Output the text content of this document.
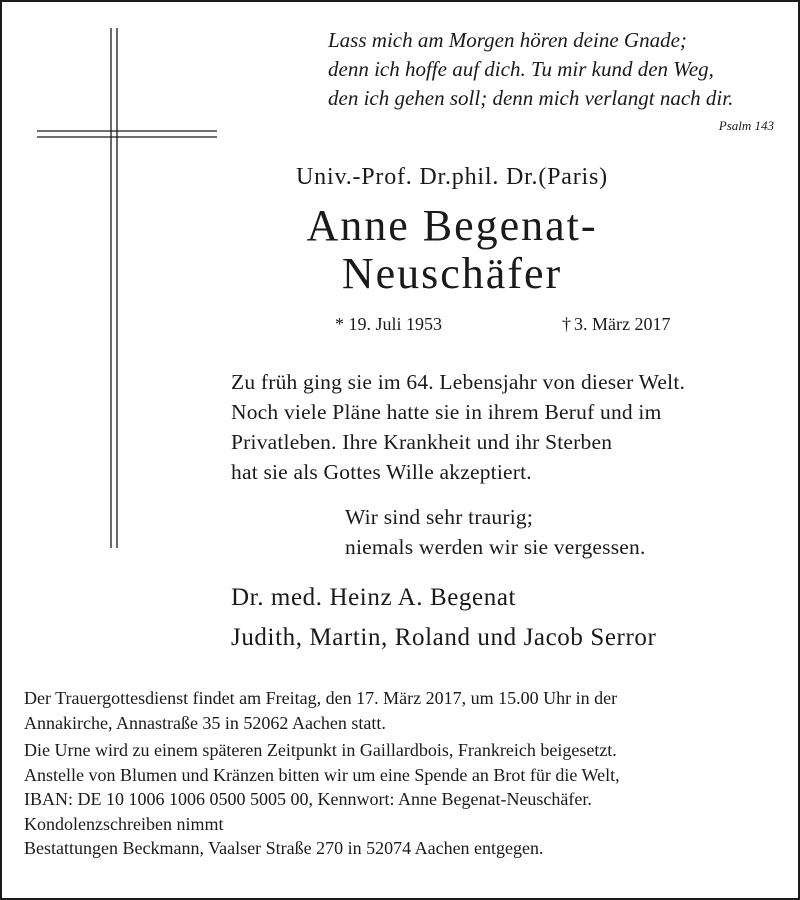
Lass mich am Morgen hören deine Gnade;
denn ich hoffe auf dich. Tu mir kund den Weg,
den ich gehen soll; denn mich verlangt nach dir.
Psalm 143
Univ.-Prof. Dr.phil. Dr.(Paris)
Anne Begenat-
Neuschäfer
* 19. Juli 1953	† 3. März 2017
Zu früh ging sie im 64. Lebensjahr von dieser Welt.
Noch viele Pläne hatte sie in ihrem Beruf und im
Privatleben. Ihre Krankheit und ihr Sterben
hat sie als Gottes Wille akzeptiert.
Wir sind sehr traurig;
niemals werden wir sie vergessen.
Dr. med. Heinz A. Begenat
Judith, Martin, Roland und Jacob Serror
Der Trauergottesdienst findet am Freitag, den 17. März 2017, um 15.00 Uhr in der
Annakirche, Annastraße 35 in 52062 Aachen statt.
Die Urne wird zu einem späteren Zeitpunkt in Gaillardbois, Frankreich beigesetzt.
Anstelle von Blumen und Kränzen bitten wir um eine Spende an Brot für die Welt,
IBAN: DE 10 1006 1006 0500 5005 00, Kennwort: Anne Begenat-Neuschäfer.
Kondolenzschreiben nimmt
Bestattungen Beckmann, Vaalser Straße 270 in 52074 Aachen entgegen.
